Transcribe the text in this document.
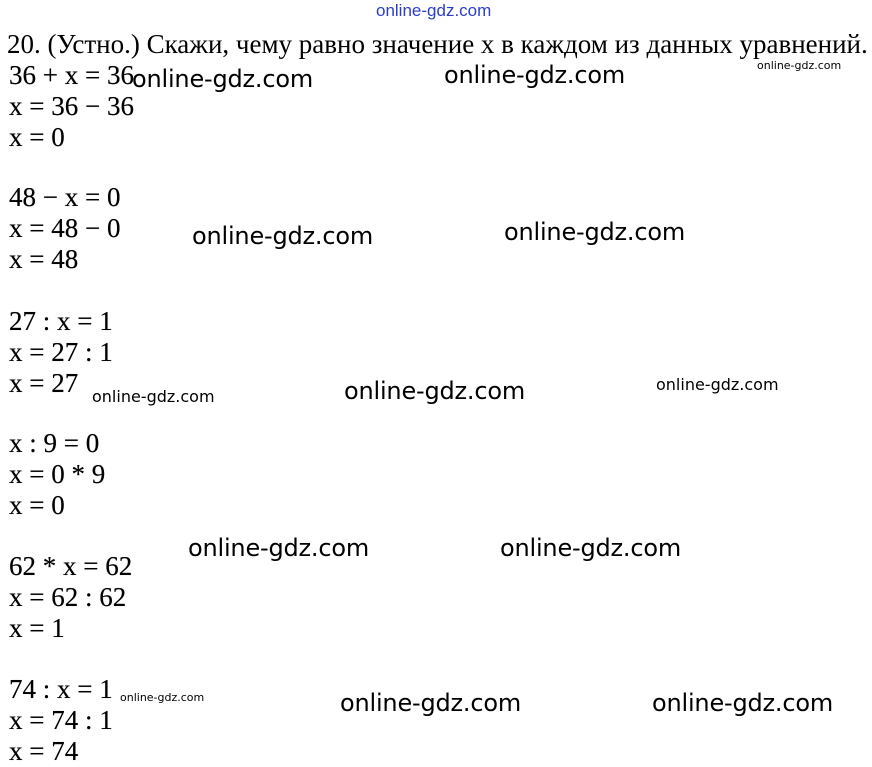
online-gdz.com
20. (Устно.) Скажи, чему равно значение x в каждом из данных уравнений.
36 + x = 36
x = 36 − 36
x = 0
48 − x = 0
x = 48 − 0
x = 48
27 : x = 1
x = 27 : 1
x = 27
x : 9 = 0
x = 0 * 9
x = 0
62 * x = 62
x = 62 : 62
x = 1
74 : x = 1
x = 74 : 1
x = 74
online-gdz.com	online-gdz.com	online-gdz.com
online-gdz.com	online-gdz.com
online-gdz.com	online-gdz.com	online-gdz.com
online-gdz.com	online-gdz.com
online-gdz.com	online-gdz.com	online-gdz.com
